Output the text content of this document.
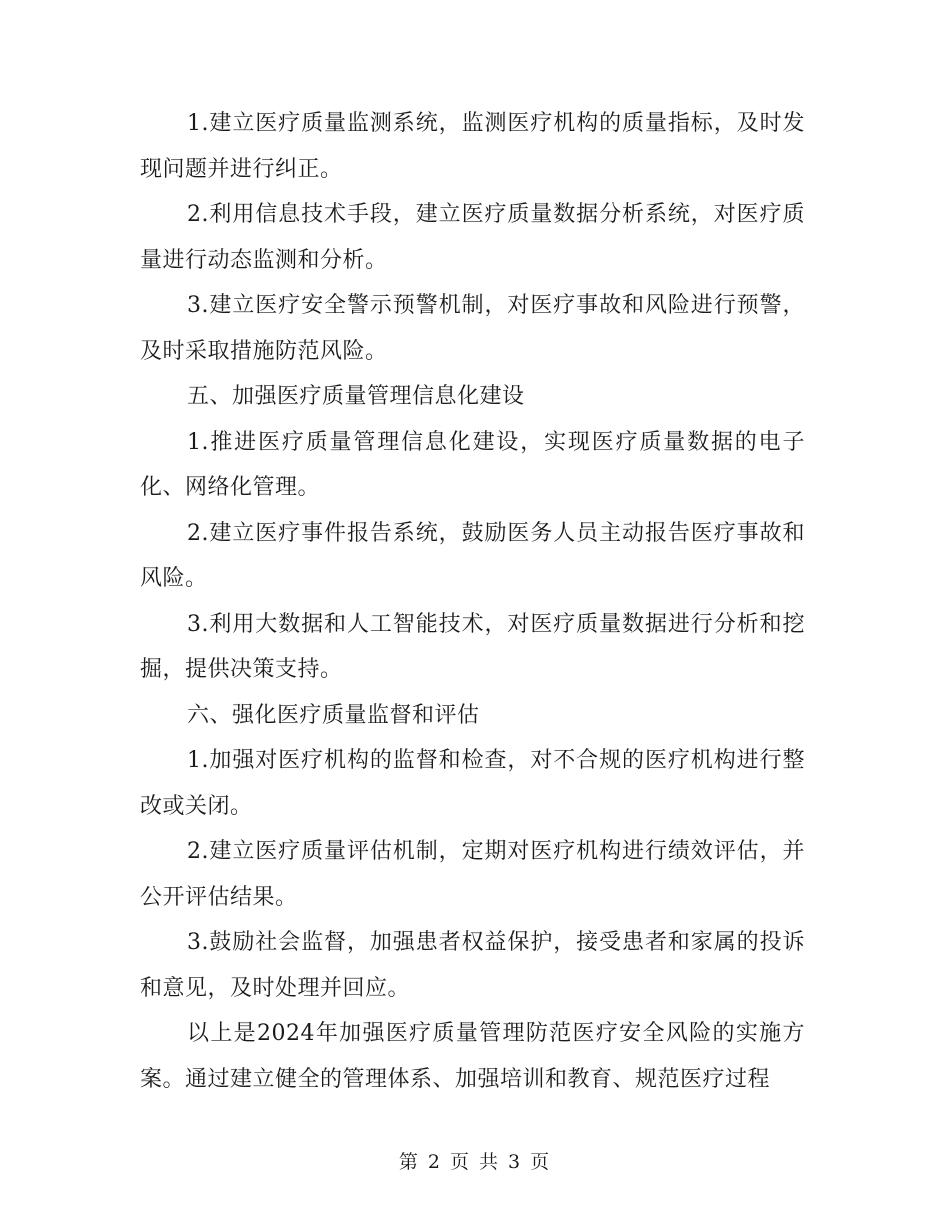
1.建立医疗质量监测系统，监测医疗机构的质量指标，及时发现问题并进行纠正。

2.利用信息技术手段，建立医疗质量数据分析系统，对医疗质量进行动态监测和分析。

3.建立医疗安全警示预警机制，对医疗事故和风险进行预警，及时采取措施防范风险。

五、加强医疗质量管理信息化建设

1.推进医疗质量管理信息化建设，实现医疗质量数据的电子化、网络化管理。

2.建立医疗事件报告系统，鼓励医务人员主动报告医疗事故和风险。

3.利用大数据和人工智能技术，对医疗质量数据进行分析和挖掘，提供决策支持。

六、强化医疗质量监督和评估

1.加强对医疗机构的监督和检查，对不合规的医疗机构进行整改或关闭。

2.建立医疗质量评估机制，定期对医疗机构进行绩效评估，并公开评估结果。

3.鼓励社会监督，加强患者权益保护，接受患者和家属的投诉和意见，及时处理并回应。

以上是2024年加强医疗质量管理防范医疗安全风险的实施方案。通过建立健全的管理体系、加强培训和教育、规范医疗过程

第 2 页 共 3 页
